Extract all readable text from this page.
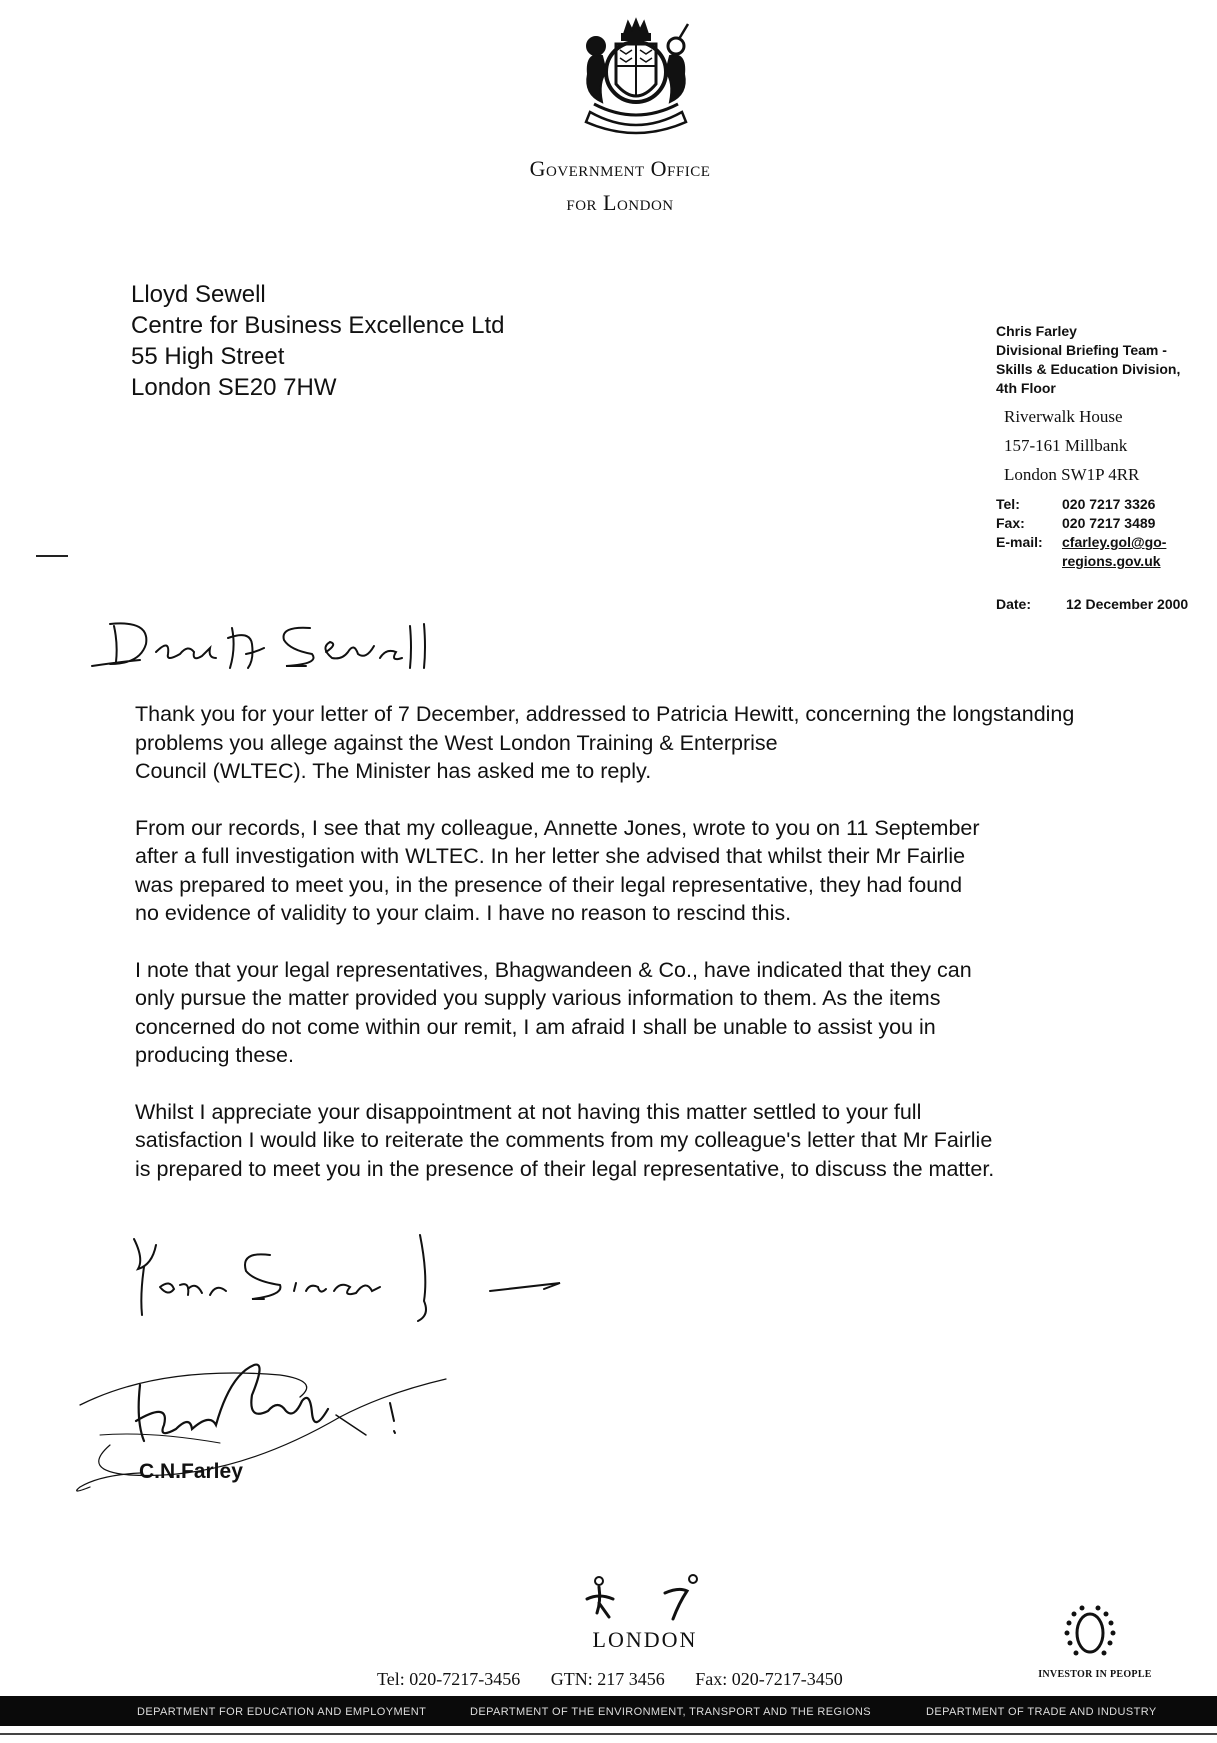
Government Office
for London
Lloyd Sewell
Centre for Business Excellence Ltd
55 High Street
London SE20 7HW
Chris Farley
Divisional Briefing Team -
Skills & Education Division,
4th Floor
Riverwalk House
157-161 Millbank
London SW1P 4RR
Tel:	020 7217 3326
Fax:	020 7217 3489
E-mail: cfarley.gol@go-
regions.gov.uk
Date: 12 December 2000

Thank you for your letter of 7 December, addressed to Patricia Hewitt, concerning the longstanding
problems you allege against the West London Training & Enterprise
Council (WLTEC). The Minister has asked me to reply.

From our records, I see that my colleague, Annette Jones, wrote to you on 11 September
after a full investigation with WLTEC. In her letter she advised that whilst their Mr Fairlie
was prepared to meet you, in the presence of their legal representative, they had found
no evidence of validity to your claim. I have no reason to rescind this.

I note that your legal representatives, Bhagwandeen & Co., have indicated that they can
only pursue the matter provided you supply various information to them. As the items
concerned do not come within our remit, I am afraid I shall be unable to assist you in
producing these.

Whilst I appreciate your disappointment at not having this matter settled to your full
satisfaction I would like to reiterate the comments from my colleague's letter that Mr Fairlie
is prepared to meet you in the presence of their legal representative, to discuss the matter.

C.N.Farley
LONDON
Tel: 020-7217-3456 GTN: 217 3456 Fax: 020-7217-3450	INVESTOR IN PEOPLE
DEPARTMENT FOR EDUCATION AND EMPLOYMENT	DEPARTMENT OF THE ENVIRONMENT, TRANSPORT AND THE REGIONS	DEPARTMENT OF TRADE AND INDUSTRY
